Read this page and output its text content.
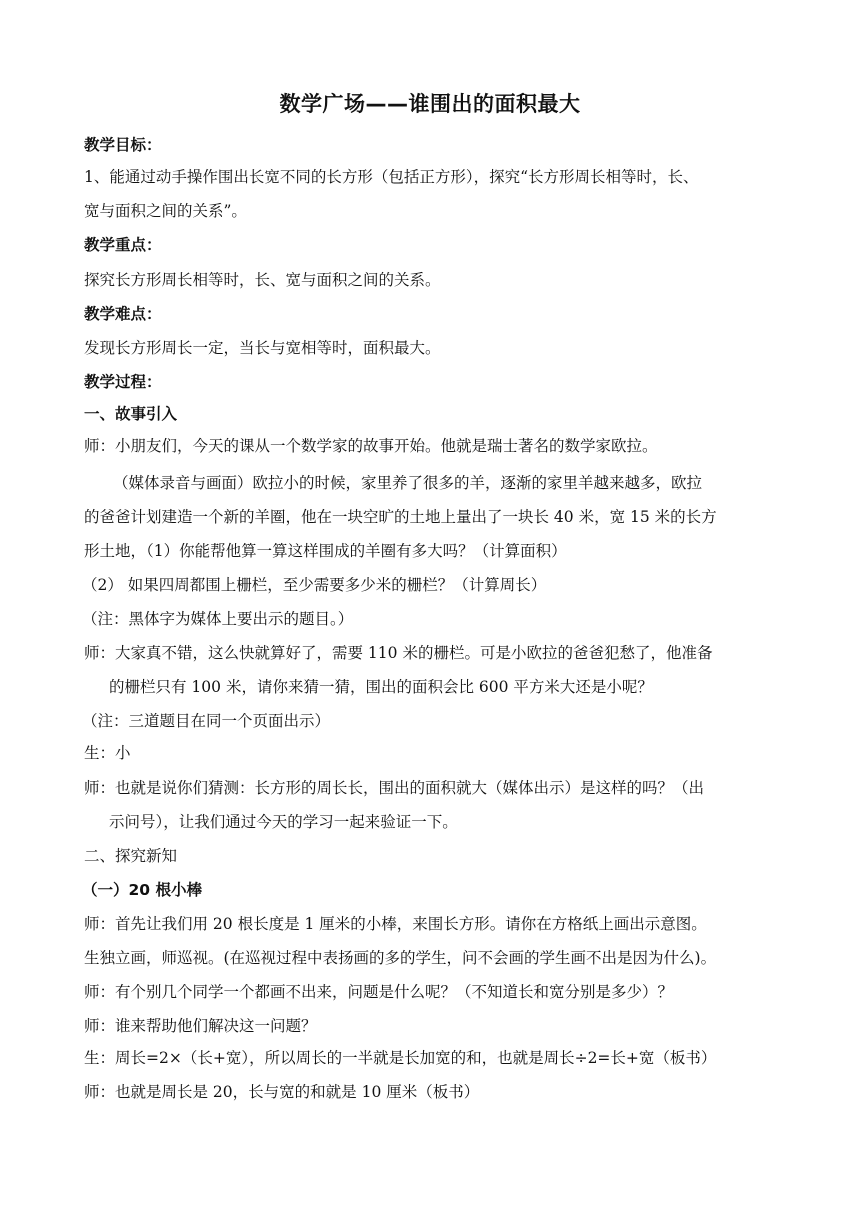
数学广场——谁围出的面积最大
教学目标：
1、能通过动手操作围出长宽不同的长方形（包括正方形），探究“长方形周长相等时，长、
宽与面积之间的关系”。
教学重点：
探究长方形周长相等时，长、宽与面积之间的关系。
教学难点：
发现长方形周长一定，当长与宽相等时，面积最大。
教学过程：
一、故事引入
师：小朋友们，今天的课从一个数学家的故事开始。他就是瑞士著名的数学家欧拉。
（媒体录音与画面）欧拉小的时候，家里养了很多的羊，逐渐的家里羊越来越多，欧拉
的爸爸计划建造一个新的羊圈，他在一块空旷的土地上量出了一块长 40 米，宽 15 米的长方
形土地，（1）你能帮他算一算这样围成的羊圈有多大吗？（计算面积）
（2） 如果四周都围上栅栏，至少需要多少米的栅栏？（计算周长）
（注：黑体字为媒体上要出示的题目。）
师：大家真不错，这么快就算好了，需要 110 米的栅栏。可是小欧拉的爸爸犯愁了，他准备
的栅栏只有 100 米，请你来猜一猜，围出的面积会比 600 平方米大还是小呢？
（注：三道题目在同一个页面出示）
生：小
师：也就是说你们猜测：长方形的周长长，围出的面积就大（媒体出示）是这样的吗？（出
示问号），让我们通过今天的学习一起来验证一下。
二、探究新知
（一）20 根小棒
师：首先让我们用 20 根长度是 1 厘米的小棒，来围长方形。请你在方格纸上画出示意图。
生独立画，师巡视。(在巡视过程中表扬画的多的学生，问不会画的学生画不出是因为什么)。
师：有个别几个同学一个都画不出来，问题是什么呢？（不知道长和宽分别是多少）？
师：谁来帮助他们解决这一问题？
生：周长=2×（长+宽），所以周长的一半就是长加宽的和，也就是周长÷2=长+宽（板书）
师：也就是周长是 20，长与宽的和就是 10 厘米（板书）
